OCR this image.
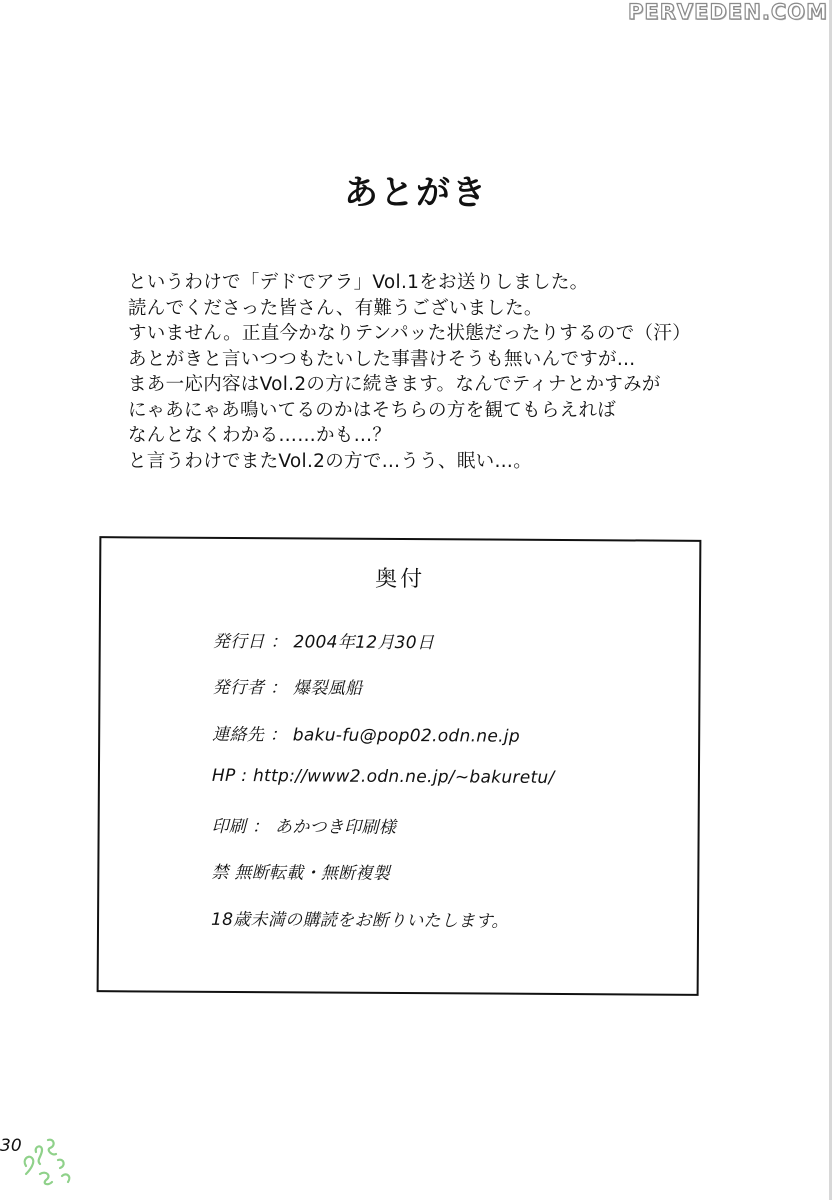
PERVEDEN.COM
あとがき
というわけで「デドでアラ」Vol.1をお送りしました。
読んでくださった皆さん、有難うございました。
すいません。正直今かなりテンパッた状態だったりするので（汗）
あとがきと言いつつもたいした事書けそうも無いんですが…
まあ一応内容はVol.2の方に続きます。なんでティナとかすみが
にゃあにゃあ鳴いてるのかはそちらの方を観てもらえれば
なんとなくわかる……かも…？
と言うわけでまたVol.2の方で…うう、眠い…。
奥付
発行日 ： 2004年12月30日
発行者 ： 爆裂風船
連絡先 ： baku-fu@pop02.odn.ne.jp
HP : http://www2.odn.ne.jp/~bakuretu/
印刷 ： あかつき印刷様
禁 無断転載・無断複製
18歳未満の購読をお断りいたします。
30
